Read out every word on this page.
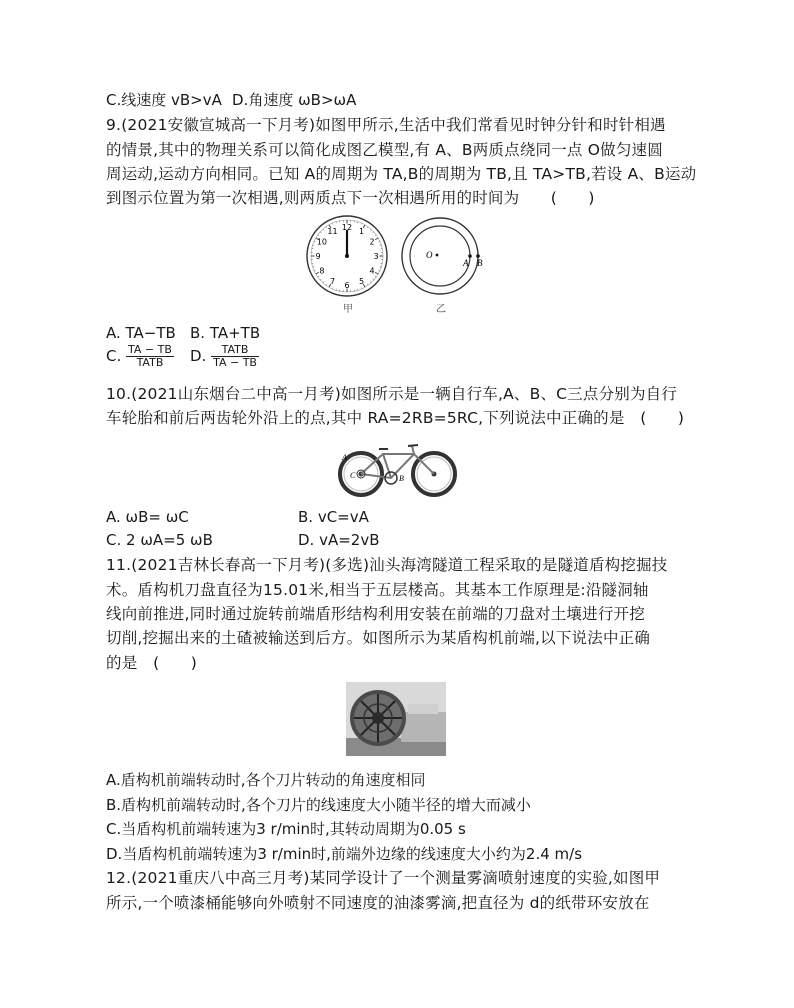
C.线速度 vB>vA D.角速度 ωB>ωA
9.(2021安徽宣城高一下月考)如图甲所示,生活中我们常看见时钟分针和时针相遇
的情景,其中的物理关系可以简化成图乙模型,有 A、B两质点绕同一点 O做匀速圆
周运动,运动方向相同。已知 A的周期为 TA,B的周期为 TB,且 TA>TB,若设 A、B运动
到图示位置为第一次相遇,则两质点下一次相遇所用的时间为　　(　　)
12 1
2
3
4
5
6
7
8
9
10
11
O
A B
甲	乙
A. TA−TB B. TA+TB
C. $\frac{TA - TB}{\text{TATB}} D$. $\frac{\text{TATB}}{TA - TB}$
10.(2021山东烟台二中高一月考)如图所示是一辆自行车,A、B、C三点分别为自行
车轮胎和前后两齿轮外沿上的点,其中 RA=2RB=5RC,下列说法中正确的是　(　　)
C	B
A
A. ωB= ωC	B. vC=vA
C. 2 ωA=5 ωB	D. vA=2vB
11.(2021吉林长春高一下月考)(多选)汕头海湾隧道工程采取的是隧道盾构挖掘技
术。盾构机刀盘直径为15.01米,相当于五层楼高。其基本工作原理是:沿隧洞轴
线向前推进,同时通过旋转前端盾形结构利用安装在前端的刀盘对土壤进行开挖
切削,挖掘出来的土碴被输送到后方。如图所示为某盾构机前端,以下说法中正确
的是　(　　)
A.盾构机前端转动时,各个刀片转动的角速度相同
B.盾构机前端转动时,各个刀片的线速度大小随半径的增大而减小
C.当盾构机前端转速为3 r/min时,其转动周期为0.05 s
D.当盾构机前端转速为3 r/min时,前端外边缘的线速度大小约为2.4 m/s
12.(2021重庆八中高三月考)某同学设计了一个测量雾滴喷射速度的实验,如图甲
所示,一个喷漆桶能够向外喷射不同速度的油漆雾滴,把直径为 d的纸带环安放在
